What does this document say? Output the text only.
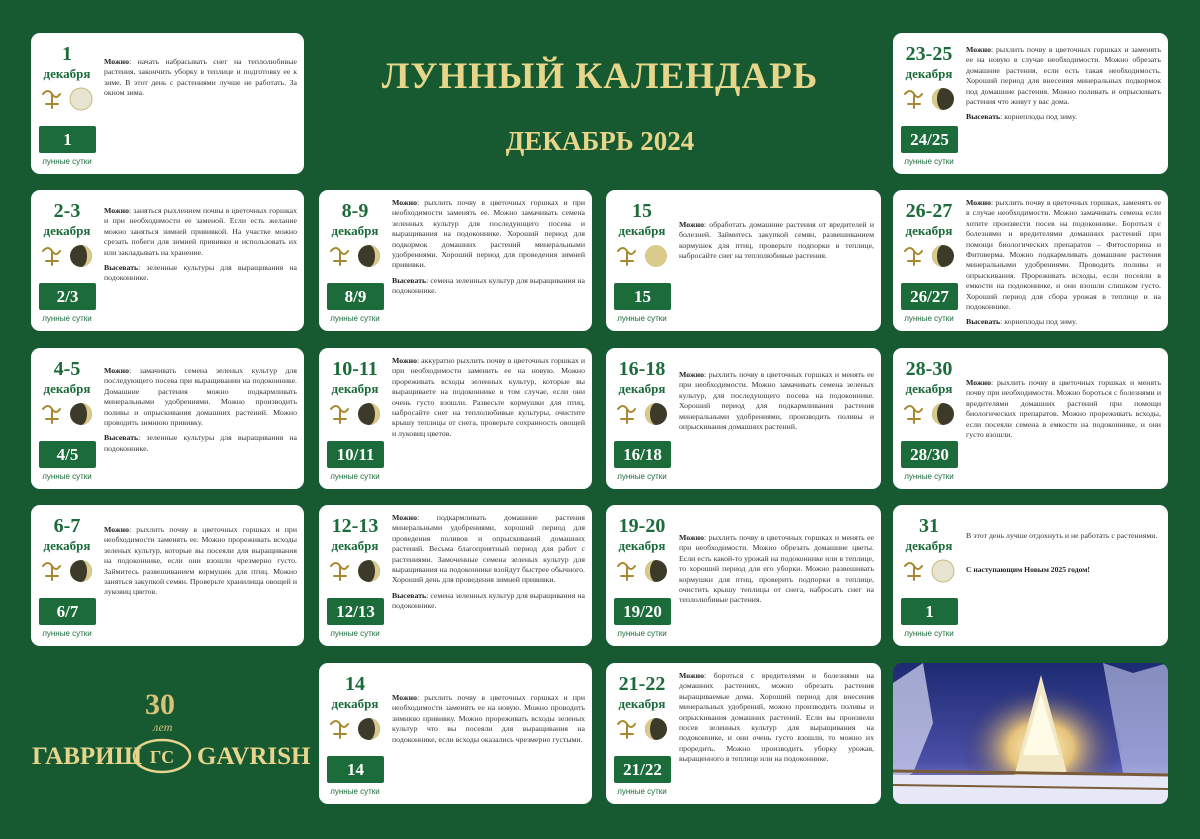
ЛУННЫЙ КАЛЕНДАРЬ
ДЕКАБРЬ 2024
1
декабря
1
лунные сутки
Можно: начать набрасывать снег на теплолюбивые растения, закончить уборку в теплице и подготовку ее к зиме. В этот день с растениями лучше не работать. За окном зима.
23-25
декабря
24/25
лунные сутки
Можно: рыхлить почву в цветочных горшках и заменять ее на новую в случае необходимости. Можно обрезать домашние растения, если есть такая необходимость. Хороший период для внесения минеральных подкормок под домашние растения. Можно поливать и опрыскивать растения что живут у вас дома.
Высевать: корнеплоды под зиму.
2-3
декабря
2/3
лунные сутки
Можно: заняться рыхлением почвы в цветочных горшках и при необходимости ее заменой. Если есть желание можно заняться зимней прививкой. На участке можно срезать побеги для зимней прививки и использовать их или закладывать на хранение.
Высевать: зеленные культуры для выращивания на подоконнике.
8-9
декабря
8/9
лунные сутки
Можно: рыхлить почву в цветочных горшках и при необходимости заменять ее. Можно замачивать семена зеленных культур для последующего посева и выращивания на подоконнике. Хороший период для подкормок домашних растений минеральными удобрениями. Хороший период для проведения зимней прививки.
Высевать: семена зеленных культур для выращивания на подоконнике.
15
декабря
15
лунные сутки
Можно: обработать домашние растения от вредителей и болезней. Займитесь закупкой семян, развешиванием кормушек для птиц, проверьте подпорки в теплице, набросайте снег на теплолюбивые растения.
26-27
декабря
26/27
лунные сутки
Можно: рыхлить почву в цветочных горшках, заменять ее в случае необходимости. Можно замачивать семена если хотите произвести посев на подоконнике. Бороться с болезнями и вредителями домашних растений при помощи биологических препаратов – Фитоспорина и Фитоверма. Можно подкармливать домашние растения минеральными удобрениями. Проводить поливы и опрыскивания. Прореживать всходы, если посеяли в емкости на подоконнике, и они взошли слишком густо. Хороший период для сбора урожая в теплице и на подоконнике.
Высевать: корнеплоды под зиму.
4-5
декабря
4/5
лунные сутки
Можно: замачивать семена зеленых культур для последующего посева при выращивании на подоконнике. Домашние растения можно подкармливать минеральными удобрениями. Можно производить поливы и опрыскивания домашних растений. Можно проводить зимнюю прививку.
Высевать: зеленные культуры для выращивания на подоконнике.
10-11
декабря
10/11
лунные сутки
Можно: аккуратно рыхлить почву в цветочных горшках и при необходимости заменить ее на новую. Можно прореживать всходы зеленных культур, которые вы выращиваете на подоконнике в том случае, если они очень густо взошли. Развесьте кормушки для птиц, набросайте снег на теплолюбивые культуры, очистите крышу теплицы от снега, проверьте сохранность овощей и луковиц цветов.
16-18
декабря
16/18
лунные сутки
Можно: рыхлить почву в цветочных горшках и менять ее при необходимости. Можно замачивать семена зеленых культур, для последующего посева на подоконнике. Хороший период для подкармливания растения минеральными удобрениями, производить поливы и опрыскивания домашних растений.
28-30
декабря
28/30
лунные сутки
Можно: рыхлить почву в цветочных горшках и менять почву при необходимости. Можно бороться с болезнями и вредителями домашних растений при помощи биологических препаратов. Можно прореживать всходы, если посеяли семена в емкости на подоконнике, и они густо взошли.
6-7
декабря
6/7
лунные сутки
Можно: рыхлить почву в цветочных горшках и при необходимости заменять ее. Можно прореживать всходы зеленых культур, которые вы посеяли для выращивания на подоконнике, если они взошли чрезмерно густо. Займитесь развешиванием кормушек для птиц. Можно заняться закупкой семян. Проверьте хранилища овощей и луковиц цветов.
12-13
декабря
12/13
лунные сутки
Можно: подкармливать домашние растения минеральными удобрениями, хороший период для проведения поливов и опрыскиваний домашних растений. Весьма благоприятный период для работ с растениями. Замоченные семена зеленых культур для выращивания на подоконнике взойдут быстрее обычного. Хороший день для проведения зимней прививки.
Высевать: семена зеленных культур для выращивания на подоконнике.
19-20
декабря
19/20
лунные сутки
Можно: рыхлить почву в цветочных горшках и менять ее при необходимости. Можно обрезать домашние цветы. Если есть какой-то урожай на подоконнике или в теплице, то хороший период для его уборки. Можно развешивать кормушки для птиц, проверить подпорки в теплице, очистить крышу теплицы от снега, набросать снег на теплолюбивые растения.
31
декабря
1
лунные сутки
В этот день лучше отдохнуть и не работать с растениями.
С наступающим Новым 2025 годом!
14
декабря
14
лунные сутки
Можно: рыхлить почву в цветочных горшках и при необходимости заменять ее на новую. Можно проводить зимнюю прививку. Можно прореживать всходы зеленых культур что вы посеяли для выращивания на подоконнике, если всходы оказались чрезмерно густыми.
21-22
декабря
21/22
лунные сутки
Можно: бороться с вредителями и болезнями на домашних растениях, можно обрезать растения выращиваемые дома. Хороший период для внесения минеральных удобрений, можно производить поливы и опрыскивания домашних растений. Если вы произвели посев зеленных культур для выращивания на подоконнике, и они очень густо взошли, то можно их проредить. Можно производить уборку урожая, выращенного в теплице или на подоконнике.
30
лет
ГАВРИШ ГС GAVRISH
